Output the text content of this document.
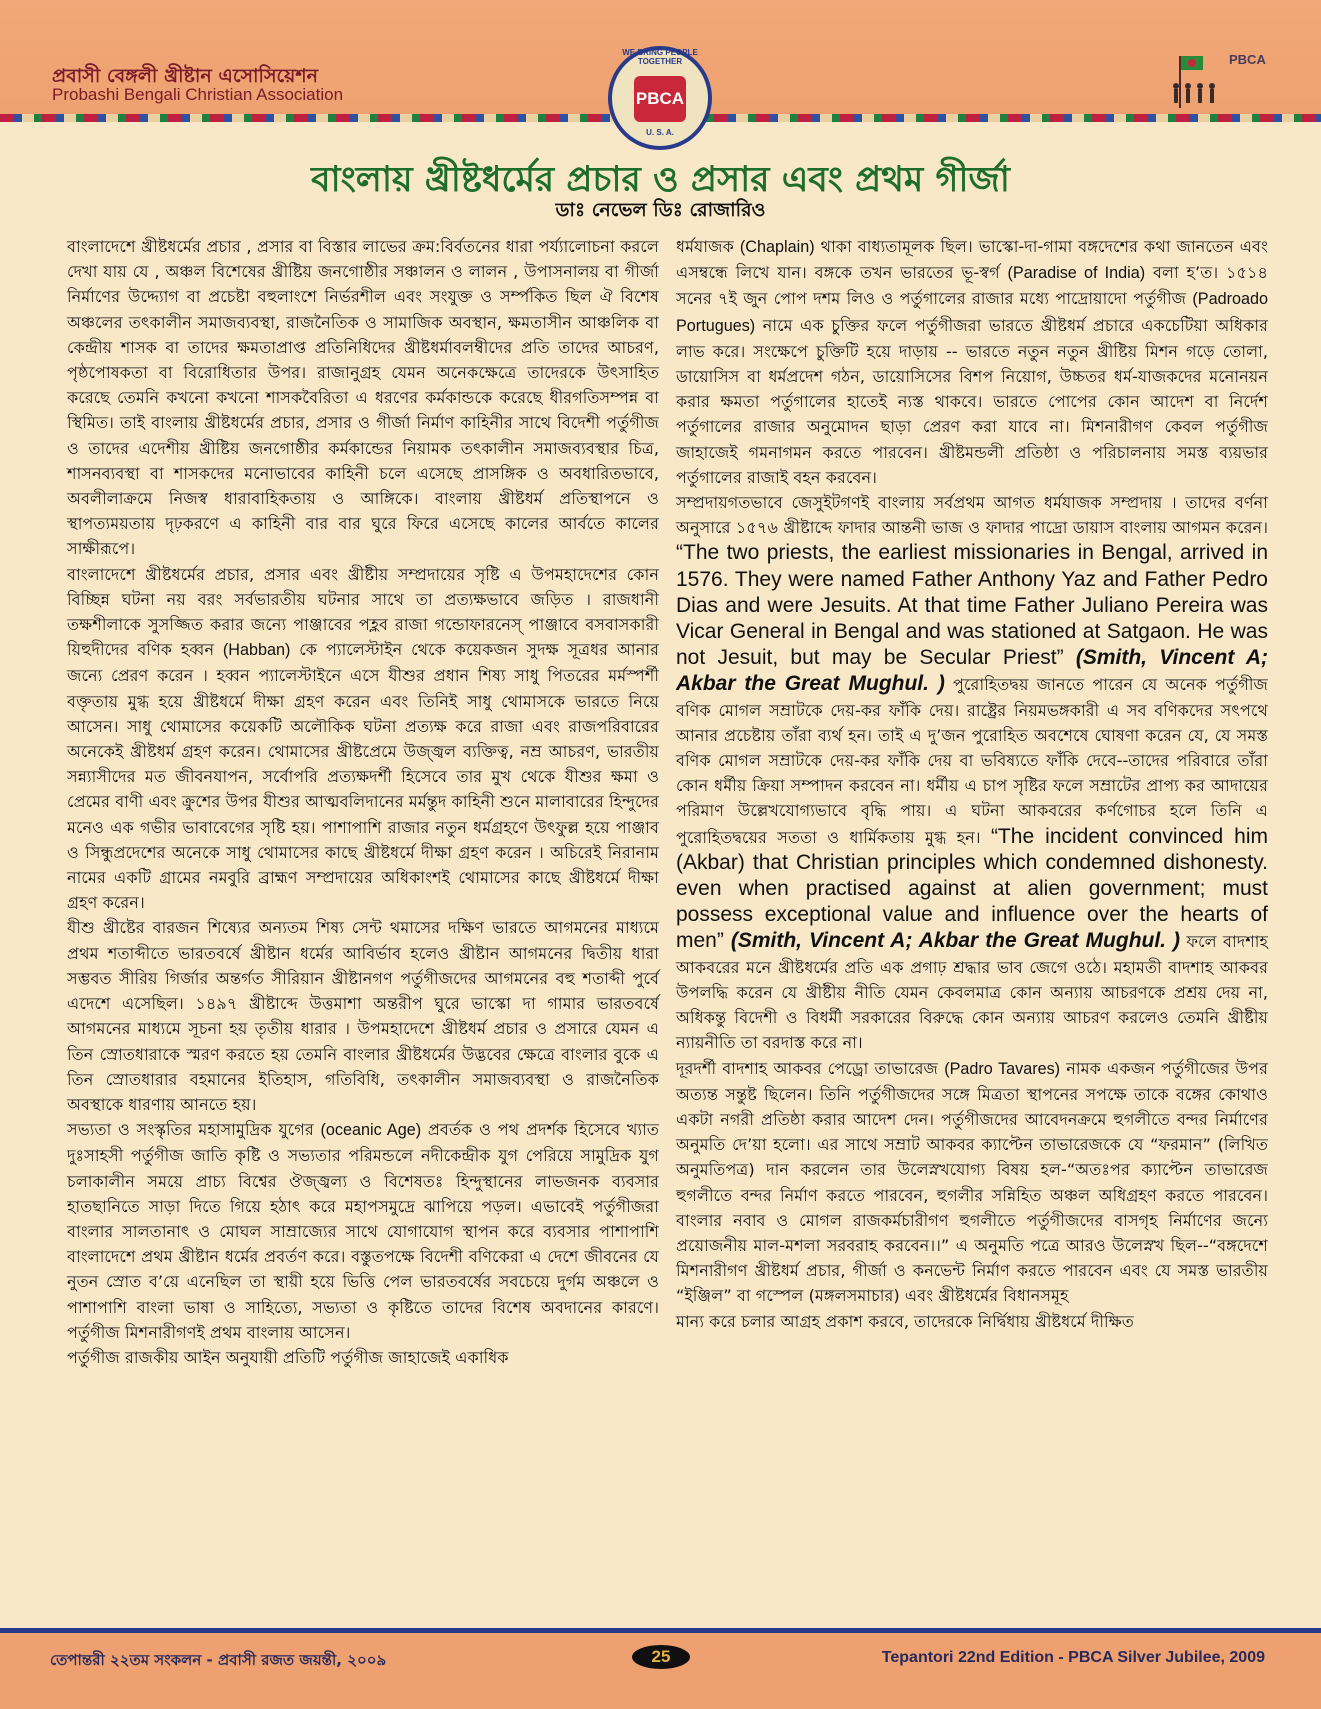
প্রবাসী বেঙ্গলী খ্রীষ্টান এসোসিয়েশন
Probashi Bengali Christian Association
WE BRING PEOPLE TOGETHER
PBCA
U. S. A.
PBCA
বাংলায় খ্রীষ্টধর্মের প্রচার ও প্রসার এবং প্রথম গীর্জা
ডাঃ নেভেল ডিঃ রোজারিও

বাংলাদেশে খ্রীষ্টধর্মের প্রচার , প্রসার বা বিস্তার লাভের ক্রম:বির্বতনের ধারা পর্য্যালোচনা করলে দেখা যায় যে , অঞ্চল বিশেষের খ্রীষ্টিয় জনগোষ্ঠীর সঞ্চালন ও লালন , উপাসনালয় বা গীর্জা নির্মাণের উদ্দ্যোগ বা প্রচেষ্টা বহুলাংশে নির্ভরশীল এবং সংযুক্ত ও সর্ম্পকিত ছিল ঐ বিশেষ অঞ্চলের তৎকালীন সমাজব্যবস্থা, রাজনৈতিক ও সামাজিক অবস্থান, ক্ষমতাসীন আঞ্চলিক বা কেন্দ্রীয় শাসক বা তাদের ক্ষমতাপ্রাপ্ত প্রতিনিধিদের খ্রীষ্টধর্মাবলম্বীদের প্রতি তাদের আচরণ, পৃষ্ঠপোষকতা বা বিরোধিতার উপর। রাজানুগ্রহ যেমন অনেকক্ষেত্রে তাদেরকে উৎসাহিত করেছে তেমনি কখনো কখনো শাসকবৈরিতা এ ধরণের কর্মকান্ডকে করেছে ধীরগতিসম্পন্ন বা স্থিমিত। তাই বাংলায় খ্রীষ্টধর্মের প্রচার, প্রসার ও গীর্জা নির্মাণ কাহিনীর সাথে বিদেশী পর্তুগীজ ও তাদের এদেশীয় খ্রীষ্টিয় জনগোষ্ঠীর কর্মকান্ডের নিয়ামক তৎকালীন সমাজব্যবস্থার চিত্র, শাসনব্যবস্থা বা শাসকদের মনোভাবের কাহিনী চলে এসেছে প্রাসঙ্গিক ও অবধারিতভাবে, অবলীলাক্রমে নিজস্ব ধারাবাহিকতায় ও আঙ্গিকে। বাংলায় খ্রীষ্টধর্ম প্রতিস্থাপনে ও স্থাপত্যময়তায় দৃঢ়করণে এ কাহিনী বার বার ঘুরে ফিরে এসেছে কালের আর্বতে কালের সাক্ষীরূপে।

বাংলাদেশে খ্রীষ্টধর্মের প্রচার, প্রসার এবং খ্রীষ্টীয় সম্প্রদায়ের সৃষ্টি এ উপমহাদেশের কোন বিচ্ছিন্ন ঘটনা নয় বরং সর্বভারতীয় ঘটনার সাথে তা প্রত্যক্ষভাবে জড়িত । রাজধানী তক্ষশীলাকে সুসজ্জিত করার জন্যে পাঞ্জাবের পহ্লব রাজা গন্ডোফারনেস্ পাঞ্জাবে বসবাসকারী য়িহুদীদের বণিক হব্বন (Habban) কে প্যালেস্টাইন থেকে কয়েকজন সুদক্ষ সূত্রধর আনার জন্যে প্রেরণ করেন । হব্বন প্যালেস্টাইনে এসে যীশুর প্রধান শিষ্য সাধু পিতরের মর্মস্পর্শী বক্তৃতায় মুগ্ধ হয়ে খ্রীষ্টধর্মে দীক্ষা গ্রহণ করেন এবং তিনিই সাধু থোমাসকে ভারতে নিয়ে আসেন। সাধু থোমাসের কয়েকটি অলৌকিক ঘটনা প্রত্যক্ষ করে রাজা এবং রাজপরিবারের অনেকেই খ্রীষ্টধর্ম গ্রহণ করেন। থোমাসের খ্রীষ্টপ্রেমে উজ্জ্বল ব্যক্তিত্ব, নম্র আচরণ, ভারতীয় সন্ন্যাসীদের মত জীবনযাপন, সর্বোপরি প্রত্যক্ষদর্শী হিসেবে তার মুখ থেকে যীশুর ক্ষমা ও প্রেমের বাণী এবং ক্রুশের উপর যীশুর আত্মবলিদানের মর্মন্তুদ কাহিনী শুনে মালাবারের হিন্দুদের মনেও এক গভীর ভাবাবেগের সৃষ্টি হয়। পাশাপাশি রাজার নতুন ধর্মগ্রহণে উৎফুল্ল হয়ে পাঞ্জাব ও সিন্ধুপ্রদেশের অনেকে সাধু থোমাসের কাছে খ্রীষ্টধর্মে দীক্ষা গ্রহণ করেন । অচিরেই নিরানাম নামের একটি গ্রামের নমবুরি ব্রাহ্মণ সম্প্রদায়ের অধিকাংশই থোমাসের কাছে খ্রীষ্টধর্মে দীক্ষা গ্রহণ করেন।

যীশু খ্রীষ্টের বারজন শিষ্যের অন্যতম শিষ্য সেন্ট থমাসের দক্ষিণ ভারতে আগমনের মাধ্যমে প্রথম শতাব্দীতে ভারতবর্ষে খ্রীষ্টান ধর্মের আবির্ভাব হলেও খ্রীষ্টান আগমনের দ্বিতীয় ধারা সম্ভবত সীরিয় গির্জার অন্তর্গত সীরিয়ান খ্রীষ্টানগণ পর্তুগীজদের আগমনের বহু শতাব্দী পুর্বে এদেশে এসেছিল। ১৪৯৭ খ্রীষ্টাব্দে উত্তমাশা অন্তরীপ ঘুরে ভাস্কো দা গামার ভারতবর্ষে আগমনের মাধ্যমে সূচনা হয় তৃতীয় ধারার । উপমহাদেশে খ্রীষ্টধর্ম প্রচার ও প্রসারে যেমন এ তিন স্রোতধারাকে স্মরণ করতে হয় তেমনি বাংলার খ্রীষ্টধর্মের উদ্ভবের ক্ষেত্রে বাংলার বুকে এ তিন স্রোতধারার বহমানের ইতিহাস, গতিবিধি, তৎকালীন সমাজব্যবস্থা ও রাজনৈতিক অবস্থাকে ধারণায় আনতে হয়।

সভ্যতা ও সংস্কৃতির মহাসামুদ্রিক যুগের (oceanic Age) প্রবর্তক ও পথ প্রদর্শক হিসেবে খ্যাত দুঃসাহসী পর্তুগীজ জাতি কৃষ্টি ও সভ্যতার পরিমন্ডলে নদীকেন্দ্রীক যুগ পেরিয়ে সামুদ্রিক যুগ চলাকালীন সময়ে প্রাচ্য বিশ্বের ঔজ্জ্বল্য ও বিশেষতঃ হিন্দুস্থানের লাভজনক ব্যবসার হাতছানিতে সাড়া দিতে গিয়ে হঠাৎ করে মহাপসমুদ্রে ঝাপিয়ে পড়ল। এভাবেই পর্তুগীজরা বাংলার সালতানাৎ ও মোঘল সাম্রাজ্যের সাথে যোগাযোগ স্থাপন করে ব্যবসার পাশাপাশি বাংলাদেশে প্রথম খ্রীষ্টান ধর্মের প্রবর্তণ করে। বস্তুতপক্ষে বিদেশী বণিকেরা এ দেশে জীবনের যে নুতন স্রোত ব’য়ে এনেছিল তা স্থায়ী হয়ে ভিত্তি পেল ভারতবর্ষের সবচেয়ে দুর্গম অঞ্চলে ও পাশাপাশি বাংলা ভাষা ও সাহিত্যে, সভ্যতা ও কৃষ্টিতে তাদের বিশেষ অবদানের কারণে। পর্তুগীজ মিশনারীগণই প্রথম বাংলায় আসেন।

পর্তুগীজ রাজকীয় আইন অনুযায়ী প্রতিটি পর্তুগীজ জাহাজেই একাধিক

ধর্মযাজক (Chaplain) থাকা বাধ্যতামূলক ছিল। ভাস্কো-দা-গামা বঙ্গদেশের কথা জানতেন এবং এসম্বন্ধে লিখে যান। বঙ্গকে তখন ভারতের ভূ-স্বর্গ (Paradise of India) বলা হ’ত। ১৫১৪ সনের ৭ই জুন পোপ দশম লিও ও পর্তুগালের রাজার মধ্যে পাদ্রোয়াদো পর্তুগীজ (Padroado Portugues) নামে এক চুক্তির ফলে পর্তুগীজরা ভারতে খ্রীষ্টধর্ম প্রচারে একচেটিয়া অধিকার লাভ করে। সংক্ষেপে চুক্তিটি হয়ে দাড়ায় -- ভারতে নতুন নতুন খ্রীষ্টিয় মিশন গড়ে তোলা, ডায়োসিস বা ধর্মপ্রদেশ গঠন, ডায়োসিসের বিশপ নিয়োগ, উচ্চতর ধর্ম-যাজকদের মনোনয়ন করার ক্ষমতা পর্তুগালের হাতেই ন্যস্ত থাকবে। ভারতে পোপের কোন আদেশ বা নির্দেশ পর্তুগালের রাজার অনুমোদন ছাড়া প্রেরণ করা যাবে না। মিশনারীগণ কেবল পর্তুগীজ জাহাজেই গমনাগমন করতে পারবেন। খ্রীষ্টমন্ডলী প্রতিষ্ঠা ও পরিচালনায় সমস্ত ব্যয়ভার পর্তুগালের রাজাই বহন করবেন।

সম্প্রদায়গতভাবে জেসুইটগণই বাংলায় সর্বপ্রথম আগত ধর্মযাজক সম্প্রদায় । তাদের বর্ণনা অনুসারে ১৫৭৬ খ্রীষ্টাব্দে ফাদার আন্তনী ভাজ ও ফাদার পাদ্রো ডায়াস বাংলায় আগমন করেন। “The two priests, the earliest missionaries in Bengal, arrived in 1576. They were named Father Anthony Yaz and Father Pedro Dias and were Jesuits. At that time Father Juliano Pereira was Vicar General in Bengal and was stationed at Satgaon. He was not Jesuit, but may be Secular Priest” (Smith, Vincent A; Akbar the Great Mughul. ) পুরোহিতদ্বয় জানতে পারেন যে অনেক পর্তুগীজ বণিক মোগল সম্রাটকে দেয়-কর ফাঁকি দেয়। রাষ্ট্রের নিয়মভঙ্গকারী এ সব বণিকদের সৎপথে আনার প্রচেষ্টায় তাঁরা ব্যর্থ হন। তাই এ দু’জন পুরোহিত অবশেষে ঘোষণা করেন যে, যে সমস্ত বণিক মোগল সম্রাটকে দেয়-কর ফাঁকি দেয় বা ভবিষ্যতে ফাঁকি দেবে--তাদের পরিবারে তাঁরা কোন ধর্মীয় ক্রিয়া সম্পাদন করবেন না। ধর্মীয় এ চাপ সৃষ্টির ফলে সম্রাটের প্রাপ্য কর আদায়ের পরিমাণ উল্লেখযোগ্যভাবে বৃদ্ধি পায়। এ ঘটনা আকবরের কর্ণগোচর হলে তিনি এ পুরোহিতদ্বয়ের সততা ও ধার্মিকতায় মুগ্ধ হন। “The incident convinced him (Akbar) that Christian principles which condemned dishonesty. even when practised against at alien government; must possess exceptional value and influence over the hearts of men” (Smith, Vincent A; Akbar the Great Mughul. ) ফলে বাদশাহ আকবরের মনে খ্রীষ্টধর্মের প্রতি এক প্রগাঢ় শ্রদ্ধার ভাব জেগে ওঠে। মহামতী বাদশাহ আকবর উপলদ্ধি করেন যে খ্রীষ্টীয় নীতি যেমন কেবলমাত্র কোন অন্যায় আচরণকে প্রশ্রয় দেয় না, অধিকন্তু বিদেশী ও বিধর্মী সরকারের বিরুদ্ধে কোন অন্যায় আচরণ করলেও তেমনি খ্রীষ্টীয় ন্যায়নীতি তা বরদাস্ত করে না।

দূরদর্শী বাদশাহ আকবর পেড্রো তাভারেজ (Padro Tavares) নামক একজন পর্তুগীজের উপর অত্যন্ত সন্তুষ্ট ছিলেন। তিনি পর্তুগীজদের সঙ্গে মিত্রতা স্থাপনের সপক্ষে তাকে বঙ্গের কোথাও একটা নগরী প্রতিষ্ঠা করার আদেশ দেন। পর্তুগীজদের আবেদনক্রমে হুগলীতে বন্দর নির্মাণের অনুমতি দে’য়া হলো। এর সাথে সম্রাট আকবর ক্যাপ্টেন তাভারেজকে যে “ফরমান” (লিখিত অনুমতিপত্র) দান করলেন তার উলেস্নখযোগ্য বিষয় হল-“অতঃপর ক্যাপ্টেন তাভারেজ হুগলীতে বন্দর নির্মাণ করতে পারবেন, হুগলীর সন্নিহিত অঞ্চল অধিগ্রহণ করতে পারবেন। বাংলার নবাব ও মোগল রাজকর্মচারীগণ হুগলীতে পর্তুগীজদের বাসগৃহ নির্মাণের জন্যে প্রয়োজনীয় মাল-মশলা সরবরাহ করবেন।।” এ অনুমতি পত্রে আরও উলেস্নখ ছিল--“বঙ্গদেশে মিশনারীগণ খ্রীষ্টধর্ম প্রচার, গীর্জা ও কনভেন্ট নির্মাণ করতে পারবেন এবং যে সমস্ত ভারতীয় “ইঞ্জিল” বা গস্পেল (মঙ্গলসমাচার) এবং খ্রীষ্টধর্মের বিধানসমূহ

মান্য করে চলার আগ্রহ প্রকাশ করবে, তাদেরকে নির্দ্বিধায় খ্রীষ্টধর্মে দীক্ষিত

তেপান্তরী ২২তম সংকলন - প্রবাসী রজত জয়ন্তী, ২০০৯	25	Tepantori 22nd Edition - PBCA Silver Jubilee, 2009
